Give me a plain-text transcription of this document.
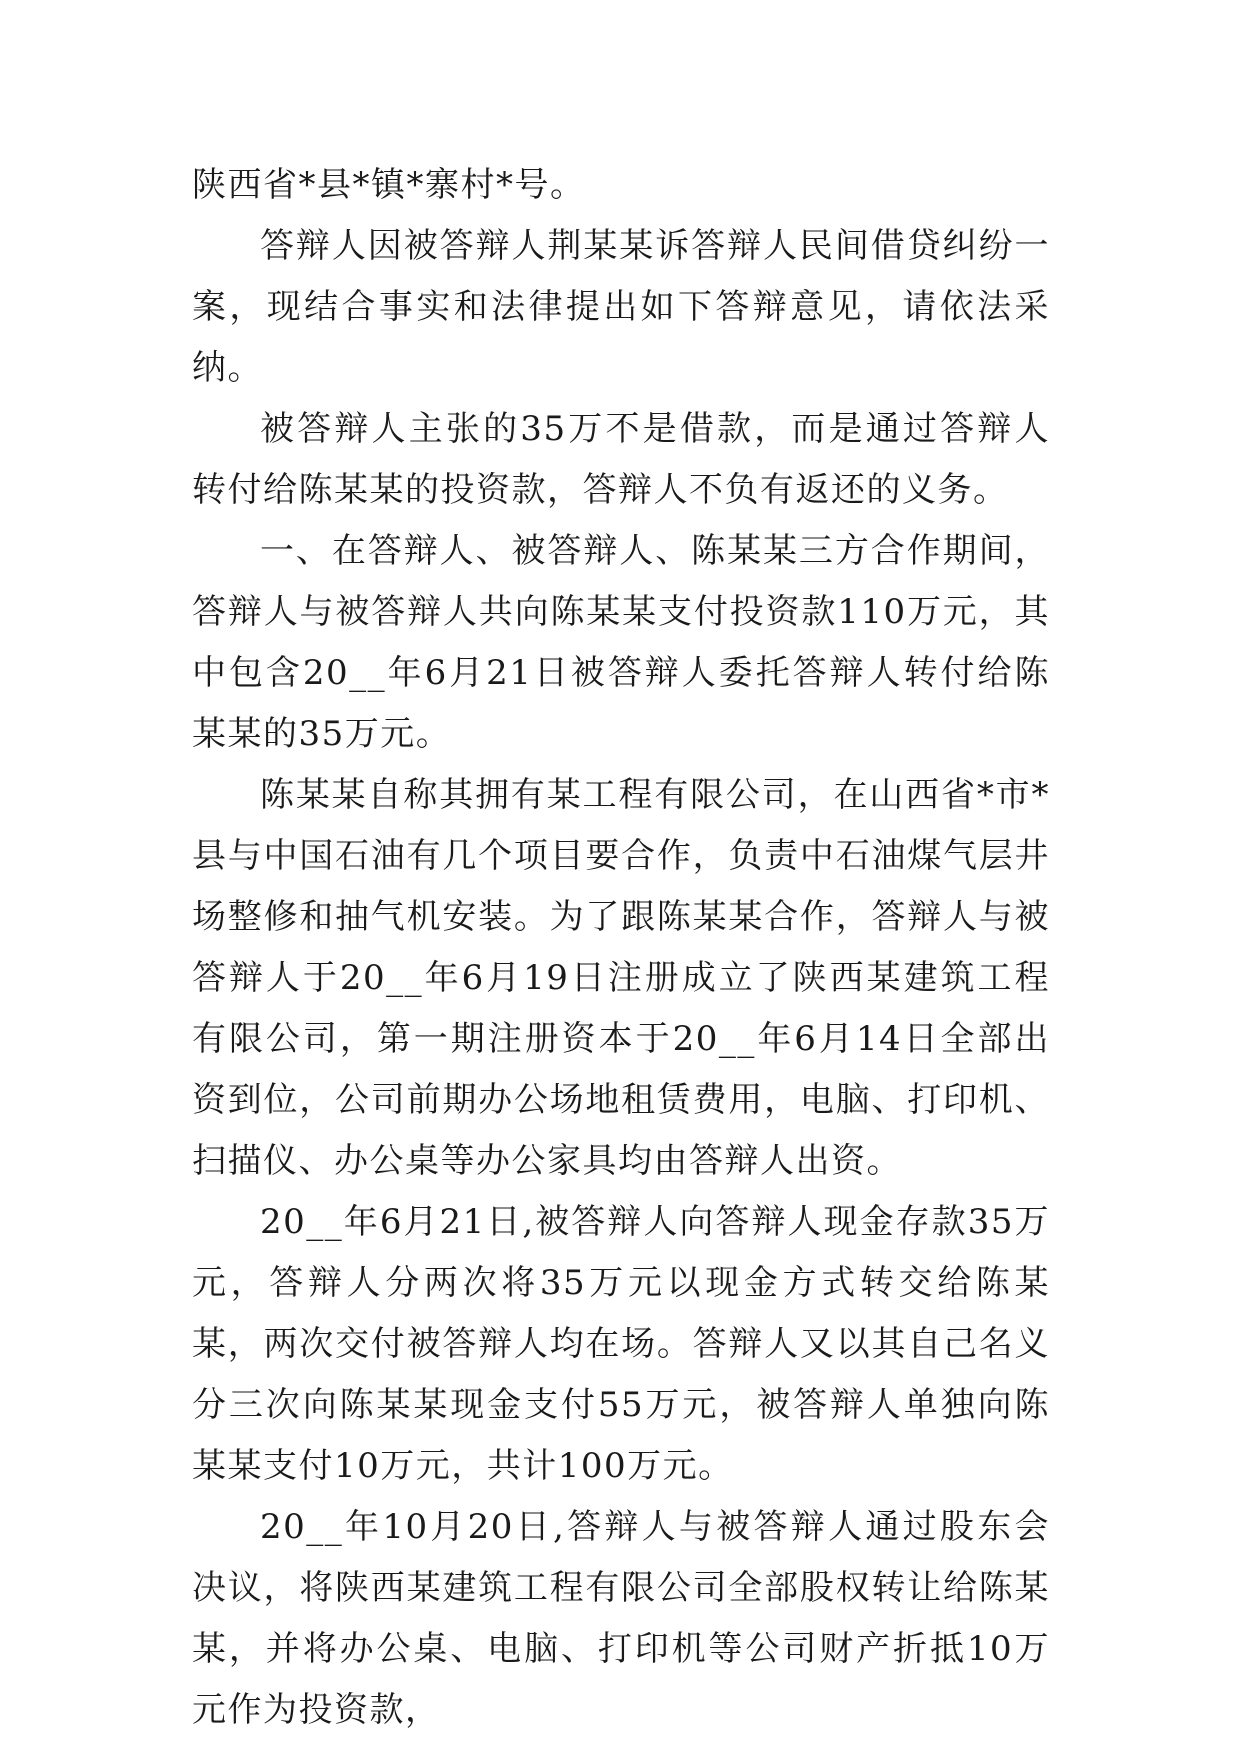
陕西省*县*镇*寨村*号。

答辩人因被答辩人荆某某诉答辩人民间借贷纠纷一案，现结合事实和法律提出如下答辩意见，请依法采纳。

被答辩人主张的35万不是借款，而是通过答辩人转付给陈某某的投资款，答辩人不负有返还的义务。

一、在答辩人、被答辩人、陈某某三方合作期间，答辩人与被答辩人共向陈某某支付投资款110万元，其中包含20__年6月21日被答辩人委托答辩人转付给陈某某的35万元。

陈某某自称其拥有某工程有限公司，在山西省*市*县与中国石油有几个项目要合作，负责中石油煤气层井场整修和抽气机安装。为了跟陈某某合作，答辩人与被答辩人于20__年6月19日注册成立了陕西某建筑工程有限公司，第一期注册资本于20__年6月14日全部出资到位，公司前期办公场地租赁费用，电脑、打印机、扫描仪、办公桌等办公家具均由答辩人出资。

20__年6月21日,被答辩人向答辩人现金存款35万元，答辩人分两次将35万元以现金方式转交给陈某某，两次交付被答辩人均在场。答辩人又以其自己名义分三次向陈某某现金支付55万元，被答辩人单独向陈某某支付10万元，共计100万元。

20__年10月20日,答辩人与被答辩人通过股东会决议，将陕西某建筑工程有限公司全部股权转让给陈某某，并将办公桌、电脑、打印机等公司财产折抵10万元作为投资款，
